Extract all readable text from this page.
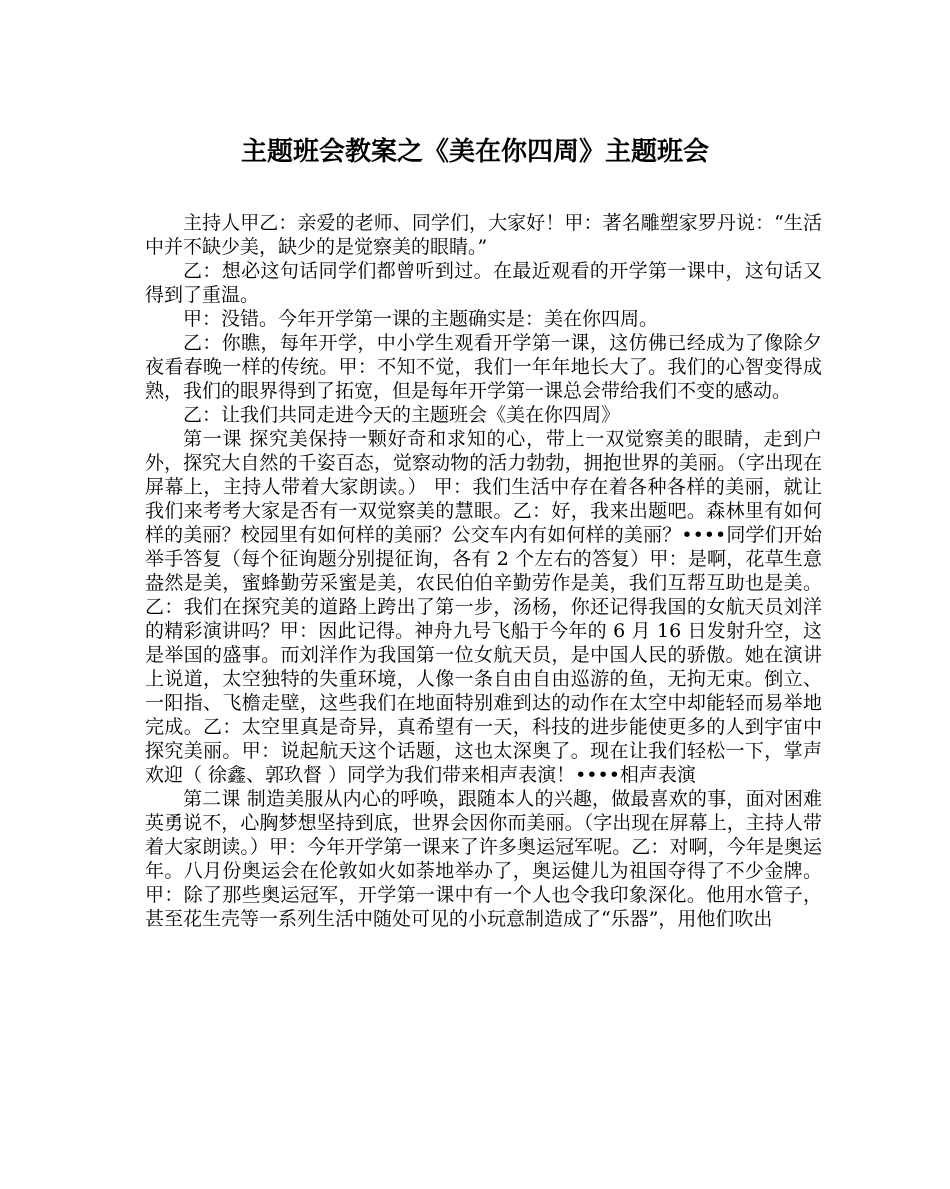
主题班会教案之《美在你四周》主题班会

主持人甲乙：亲爱的老师、同学们，大家好！甲：著名雕塑家罗丹说：“生活中并不缺少美，缺少的是觉察美的眼睛。”

乙：想必这句话同学们都曾听到过。在最近观看的开学第一课中，这句话又得到了重温。

甲：没错。今年开学第一课的主题确实是：美在你四周。

乙：你瞧，每年开学，中小学生观看开学第一课，这仿佛已经成为了像除夕夜看春晚一样的传统。甲：不知不觉，我们一年年地长大了。我们的心智变得成熟，我们的眼界得到了拓宽，但是每年开学第一课总会带给我们不变的感动。

乙：让我们共同走进今天的主题班会《美在你四周》

第一课 探究美保持一颗好奇和求知的心，带上一双觉察美的眼睛，走到户外，探究大自然的千姿百态，觉察动物的活力勃勃，拥抱世界的美丽。（字出现在屏幕上，主持人带着大家朗读。） 甲：我们生活中存在着各种各样的美丽，就让我们来考考大家是否有一双觉察美的慧眼。乙：好，我来出题吧。森林里有如何样的美丽？校园里有如何样的美丽？公交车内有如何样的美丽？••••同学们开始举手答复（每个征询题分别提征询，各有 2 个左右的答复）甲：是啊，花草生意盎然是美，蜜蜂勤劳采蜜是美，农民伯伯辛勤劳作是美，我们互帮互助也是美。乙：我们在探究美的道路上跨出了第一步，汤杨，你还记得我国的女航天员刘洋的精彩演讲吗？甲：因此记得。神舟九号飞船于今年的 6 月 16 日发射升空，这是举国的盛事。而刘洋作为我国第一位女航天员，是中国人民的骄傲。她在演讲上说道，太空独特的失重环境，人像一条自由自由巡游的鱼，无拘无束。倒立、一阳指、飞檐走壁，这些我们在地面特别难到达的动作在太空中却能轻而易举地完成。乙：太空里真是奇异，真希望有一天，科技的进步能使更多的人到宇宙中探究美丽。甲：说起航天这个话题，这也太深奥了。现在让我们轻松一下，掌声欢迎（ 徐鑫、郭玖督 ）同学为我们带来相声表演！••••相声表演

第二课 制造美服从内心的呼唤，跟随本人的兴趣，做最喜欢的事，面对困难英勇说不，心胸梦想坚持到底，世界会因你而美丽。（字出现在屏幕上，主持人带着大家朗读。）甲：今年开学第一课来了许多奥运冠军呢。乙：对啊，今年是奥运年。八月份奥运会在伦敦如火如荼地举办了，奥运健儿为祖国夺得了不少金牌。甲：除了那些奥运冠军，开学第一课中有一个人也令我印象深化。他用水管子，甚至花生壳等一系列生活中随处可见的小玩意制造成了“乐器”，用他们吹出
